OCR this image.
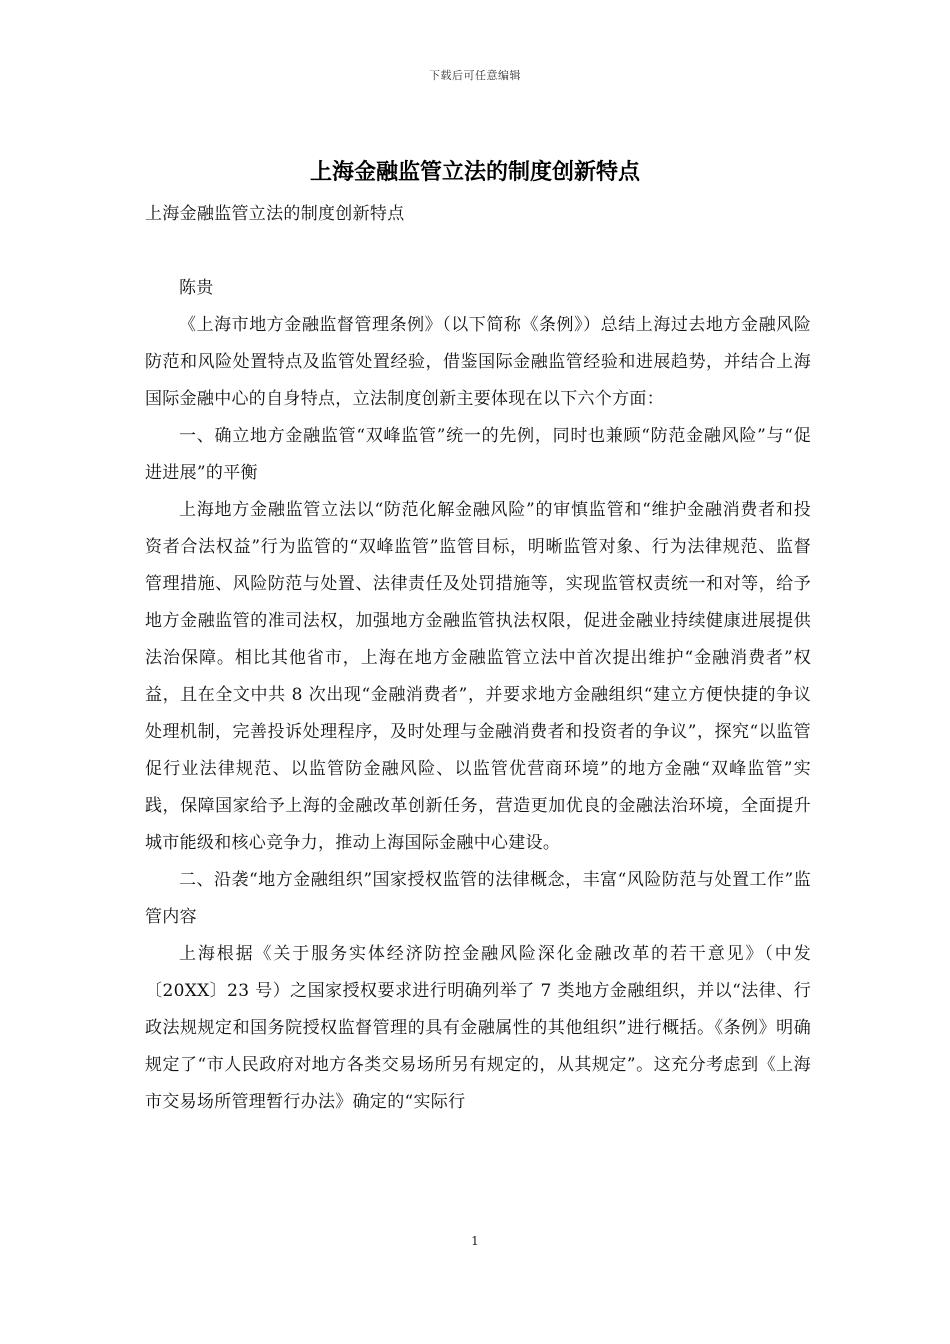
下载后可任意编辑
上海金融监管立法的制度创新特点

上海金融监管立法的制度创新特点

陈贵

《上海市地方金融监督管理条例》（以下简称《条例》）总结上海过去地方金融风险防范和风险处置特点及监管处置经验，借鉴国际金融监管经验和进展趋势，并结合上海国际金融中心的自身特点，立法制度创新主要体现在以下六个方面：

一、确立地方金融监管“双峰监管”统一的先例，同时也兼顾“防范金融风险”与“促进进展”的平衡

上海地方金融监管立法以“防范化解金融风险”的审慎监管和“维护金融消费者和投资者合法权益”行为监管的“双峰监管”监管目标，明晰监管对象、行为法律规范、监督管理措施、风险防范与处置、法律责任及处罚措施等，实现监管权责统一和对等，给予地方金融监管的准司法权，加强地方金融监管执法权限，促进金融业持续健康进展提供法治保障。相比其他省市，上海在地方金融监管立法中首次提出维护“金融消费者”权益，且在全文中共 8 次出现“金融消费者”，并要求地方金融组织“建立方便快捷的争议处理机制，完善投诉处理程序，及时处理与金融消费者和投资者的争议”，探究“以监管促行业法律规范、以监管防金融风险、以监管优营商环境”的地方金融“双峰监管”实践，保障国家给予上海的金融改革创新任务，营造更加优良的金融法治环境，全面提升城市能级和核心竞争力，推动上海国际金融中心建设。

二、沿袭“地方金融组织”国家授权监管的法律概念，丰富“风险防范与处置工作”监管内容

上海根据《关于服务实体经济防控金融风险深化金融改革的若干意见》（中发〔20XX〕23 号）之国家授权要求进行明确列举了 7 类地方金融组织，并以“法律、行政法规规定和国务院授权监督管理的具有金融属性的其他组织”进行概括。《条例》明确规定了“市人民政府对地方各类交易场所另有规定的，从其规定”。这充分考虑到《上海市交易场所管理暂行办法》确定的“实际行

1
